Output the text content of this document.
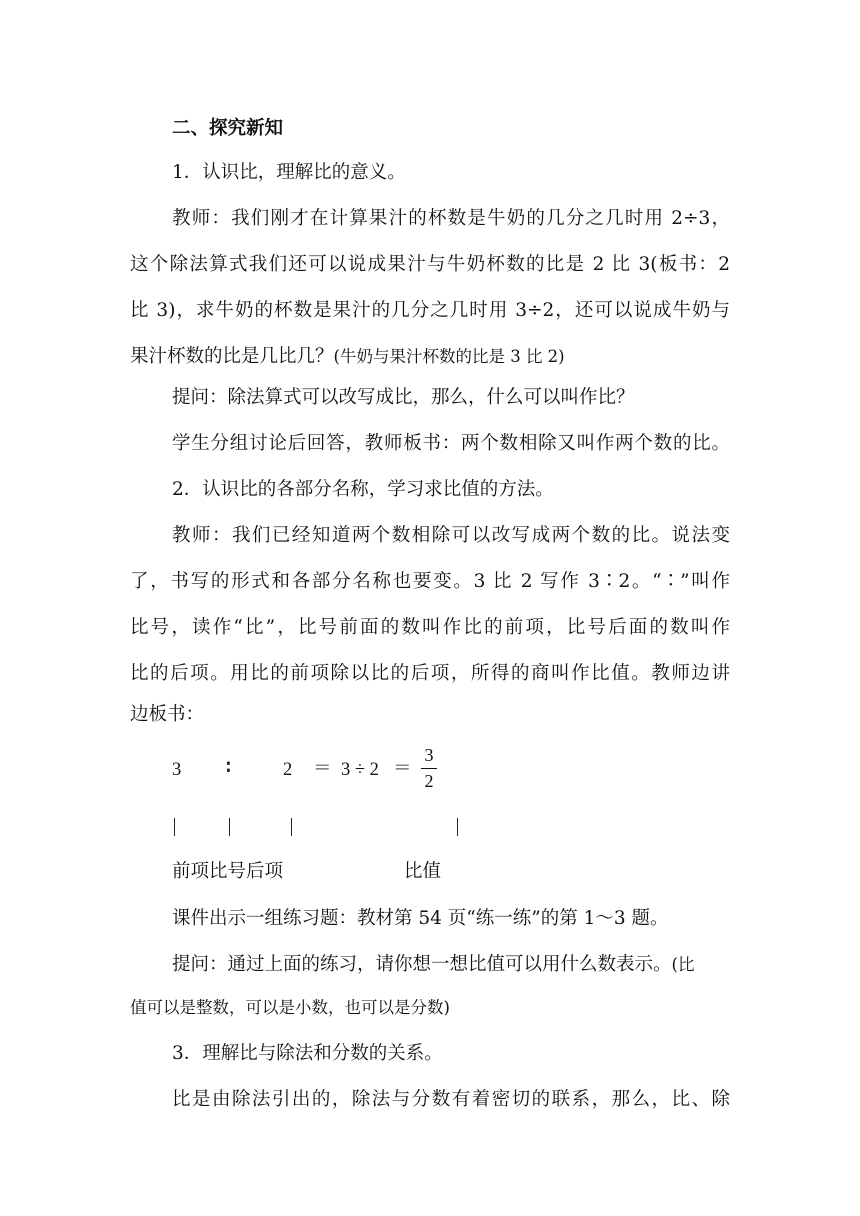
二、探究新知
1．认识比，理解比的意义。
教师：我们刚才在计算果汁的杯数是牛奶的几分之几时用 2÷3，
这个除法算式我们还可以说成果汁与牛奶杯数的比是 2 比 3(板书：2
比 3)，求牛奶的杯数是果汁的几分之几时用 3÷2，还可以说成牛奶与
果汁杯数的比是几比几？(牛奶与果汁杯数的比是 3 比 2)
提问：除法算式可以改写成比，那么，什么可以叫作比？
学生分组讨论后回答，教师板书：两个数相除又叫作两个数的比。
2．认识比的各部分名称，学习求比值的方法。
教师：我们已经知道两个数相除可以改写成两个数的比。说法变
了，书写的形式和各部分名称也要变。3 比 2 写作 3∶2。“∶”叫作
比号，读作“比”，比号前面的数叫作比的前项，比号后面的数叫作
比的后项。用比的前项除以比的后项，所得的商叫作比值。教师边讲
边板书：
3 ∶	2 ＝ 3 ÷ 2 ＝
3
2
前项比号后项	比值
课件出示一组练习题：教材第 54 页“练一练”的第 1～3 题。
提问：通过上面的练习，请你想一想比值可以用什么数表示。(比
值可以是整数，可以是小数，也可以是分数)
3．理解比与除法和分数的关系。
比是由除法引出的，除法与分数有着密切的联系，那么，比、除
